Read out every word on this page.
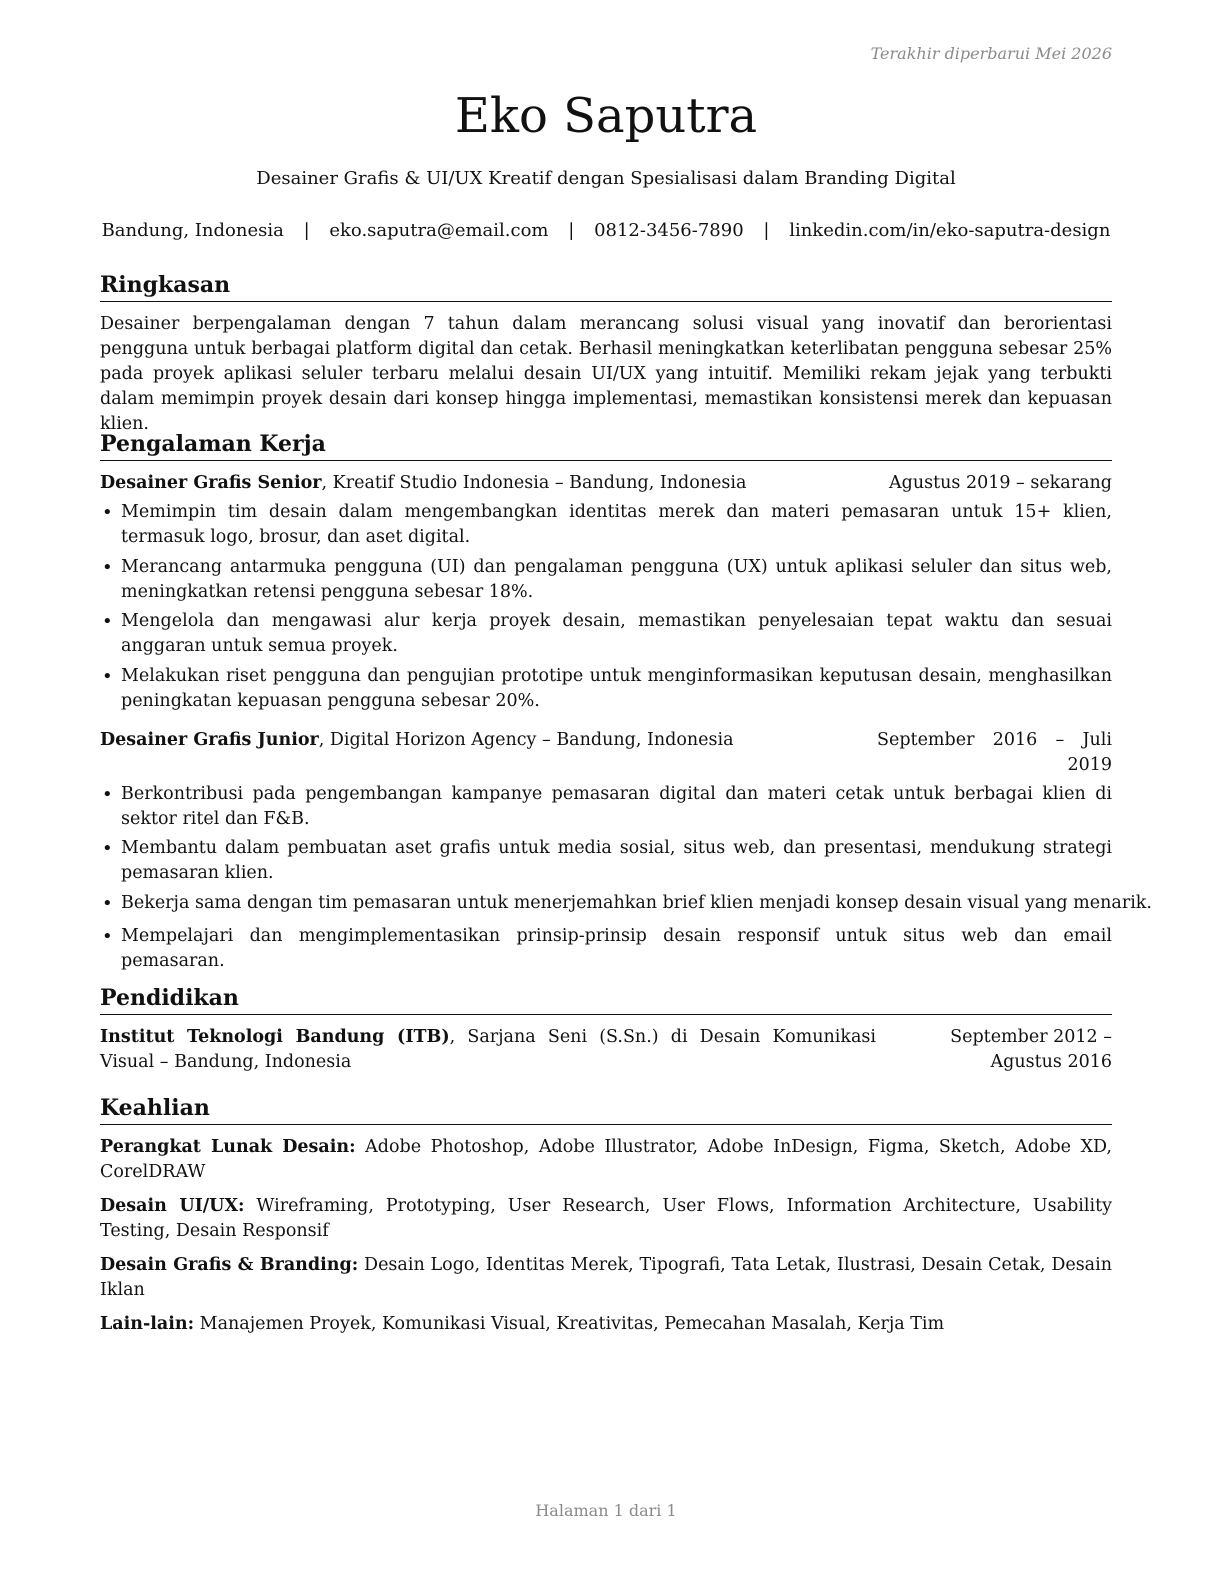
Terakhir diperbarui Mei 2026
Eko Saputra
Desainer Grafis & UI/UX Kreatif dengan Spesialisasi dalam Branding Digital
Bandung, Indonesia | eko.saputra@email.com | 0812-3456-7890 | linkedin.com/in/eko-saputra-design
Ringkasan

Desainer berpengalaman dengan 7 tahun dalam merancang solusi visual yang inovatif dan berorientasi pengguna untuk berbagai platform digital dan cetak. Berhasil meningkatkan keterlibatan pengguna sebesar 25% pada proyek aplikasi seluler terbaru melalui desain UI/UX yang intuitif. Memiliki rekam jejak yang terbukti dalam memimpin proyek desain dari konsep hingga implementasi, memastikan konsistensi merek dan kepuasan klien.

Pengalaman Kerja
Desainer Grafis Senior, Kreatif Studio Indonesia – Bandung, Indonesia	Agustus 2019 – sekarang
• Memimpin tim desain dalam mengembangkan identitas merek dan materi pemasaran untuk 15+ klien, termasuk logo, brosur, dan aset digital.
• Merancang antarmuka pengguna (UI) dan pengalaman pengguna (UX) untuk aplikasi seluler dan situs web, meningkatkan retensi pengguna sebesar 18%.
• Mengelola dan mengawasi alur kerja proyek desain, memastikan penyelesaian tepat waktu dan sesuai anggaran untuk semua proyek.
• Melakukan riset pengguna dan pengujian prototipe untuk menginformasikan keputusan desain, menghasilkan peningkatan kepuasan pengguna sebesar 20%.
Desainer Grafis Junior, Digital Horizon Agency – Bandung, Indonesia	September 2016 – Juli 2019
• Berkontribusi pada pengembangan kampanye pemasaran digital dan materi cetak untuk berbagai klien di sektor ritel dan F&B.
• Membantu dalam pembuatan aset grafis untuk media sosial, situs web, dan presentasi, mendukung strategi pemasaran klien.
• Bekerja sama dengan tim pemasaran untuk menerjemahkan brief klien menjadi konsep desain visual yang menarik.
• Mempelajari dan mengimplementasikan prinsip-prinsip desain responsif untuk situs web dan email pemasaran.
Pendidikan
Institut Teknologi Bandung (ITB), Sarjana Seni (S.Sn.) di Desain Komunikasi Visual – Bandung, Indonesia
September 2012 – Agustus 2016
Keahlian
Perangkat Lunak Desain: Adobe Photoshop, Adobe Illustrator, Adobe InDesign, Figma, Sketch, Adobe XD, CorelDRAW
Desain UI/UX: Wireframing, Prototyping, User Research, User Flows, Information Architecture, Usability Testing, Desain Responsif
Desain Grafis & Branding: Desain Logo, Identitas Merek, Tipografi, Tata Letak, Ilustrasi, Desain Cetak, Desain Iklan
Lain-lain: Manajemen Proyek, Komunikasi Visual, Kreativitas, Pemecahan Masalah, Kerja Tim
Halaman 1 dari 1
